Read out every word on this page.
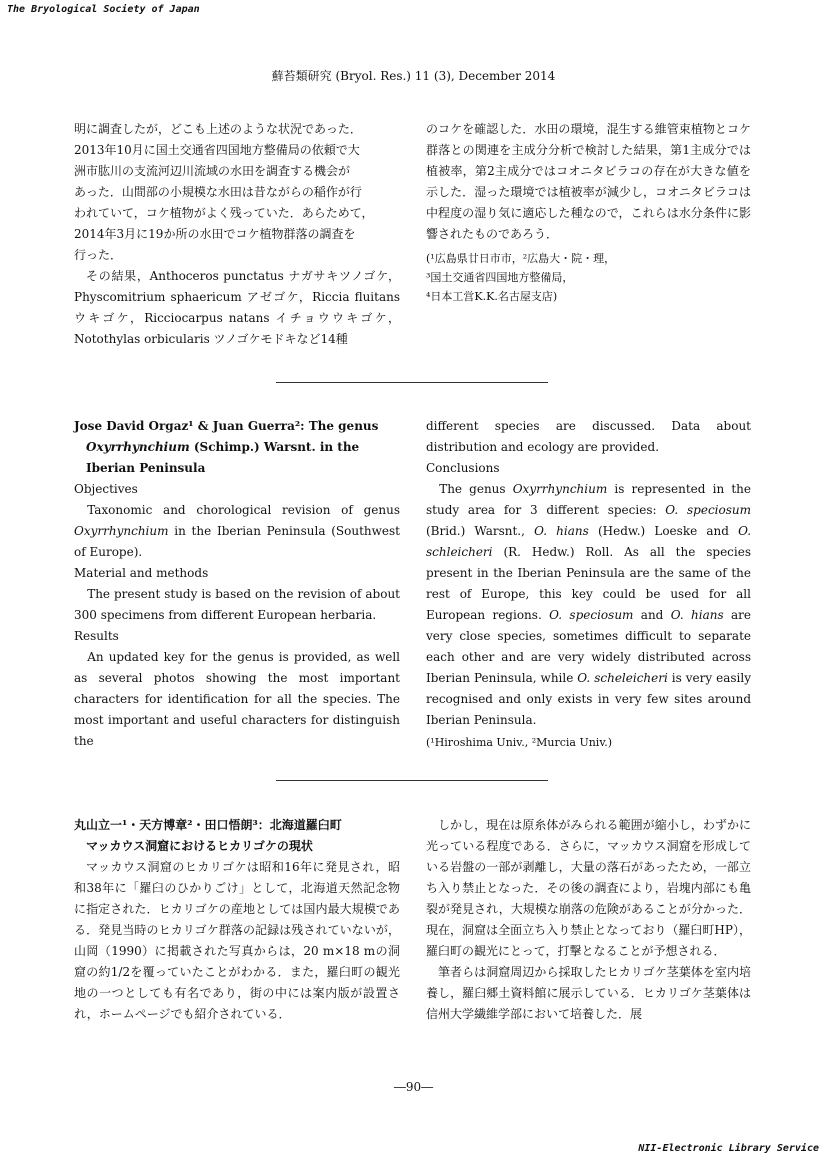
The Bryological Society of Japan
蘚苔類研究 (Bryol. Res.) 11 (3), December 2014

明に調査したが，どこも上述のような状況であった．

2013年10月に国土交通省四国地方整備局の依頼で大

洲市肱川の支流河辺川流域の水田を調査する機会が

あった．山間部の小規模な水田は昔ながらの稲作が行

われていて，コケ植物がよく残っていた．あらためて，

2014年3月に19か所の水田でコケ植物群落の調査を

行った．

その結果，Anthoceros punctatus ナガサキツノゴケ，Physcomitrium sphaericum アゼゴケ，Riccia fluitans ウキゴケ，Ricciocarpus natans イチョウウキゴケ，Notothylas orbicularis ツノゴケモドキなど14種

のコケを確認した．水田の環境，混生する維管束植物とコケ群落との関連を主成分分析で検討した結果，第1主成分では植被率，第2主成分ではコオニタビラコの存在が大きな値を示した．湿った環境では植被率が減少し，コオニタビラコは中程度の湿り気に適応した種なので，これらは水分条件に影響されたものであろう．

(¹広島県廿日市市，²広島大・院・理，

³国土交通省四国地方整備局，

⁴日本工営K.K.名古屋支店)

Jose David Orgaz¹ & Juan Guerra²: The genus
Oxyrrhynchium (Schimp.) Warsnt. in the
Iberian Peninsula

Objectives

Taxonomic and chorological revision of genus Oxyrrhynchium in the Iberian Peninsula (Southwest of Europe).

Material and methods

The present study is based on the revision of about 300 specimens from different European herbaria.

Results

An updated key for the genus is provided, as well as several photos showing the most important characters for identification for all the species. The most important and useful characters for distinguish the

different species are discussed. Data about distribution and ecology are provided.

Conclusions

The genus Oxyrrhynchium is represented in the study area for 3 different species: O. speciosum (Brid.) Warsnt., O. hians (Hedw.) Loeske and O. schleicheri (R. Hedw.) Roll. As all the species present in the Iberian Peninsula are the same of the rest of Europe, this key could be used for all European regions. O. speciosum and O. hians are very close species, sometimes difficult to separate each other and are very widely distributed across Iberian Peninsula, while O. scheleicheri is very easily recognised and only exists in very few sites around Iberian Peninsula.

(¹Hiroshima Univ., ²Murcia Univ.)

丸山立一¹・天方博章²・田口悟朗³：北海道羅臼町
マッカウス洞窟におけるヒカリゴケの現状

マッカウス洞窟のヒカリゴケは昭和16年に発見され，昭和38年に「羅臼のひかりごけ」として，北海道天然記念物に指定された．ヒカリゴケの産地としては国内最大規模である．発見当時のヒカリゴケ群落の記録は残されていないが，山岡（1990）に掲載された写真からは，20 m×18 mの洞窟の約1/2を覆っていたことがわかる．また，羅臼町の観光地の一つとしても有名であり，街の中には案内版が設置され，ホームページでも紹介されている．

しかし，現在は原糸体がみられる範囲が縮小し，わずかに光っている程度である．さらに，マッカウス洞窟を形成している岩盤の一部が剥離し，大量の落石があったため，一部立ち入り禁止となった．その後の調査により，岩塊内部にも亀裂が発見され，大規模な崩落の危険があることが分かった．現在，洞窟は全面立ち入り禁止となっており（羅臼町HP），羅臼町の観光にとって，打撃となることが予想される．

筆者らは洞窟周辺から採取したヒカリゴケ茎葉体を室内培養し，羅臼郷土資料館に展示している．ヒカリゴケ茎葉体は信州大学繊維学部において培養した．展

―90―
NII-Electronic Library Service
